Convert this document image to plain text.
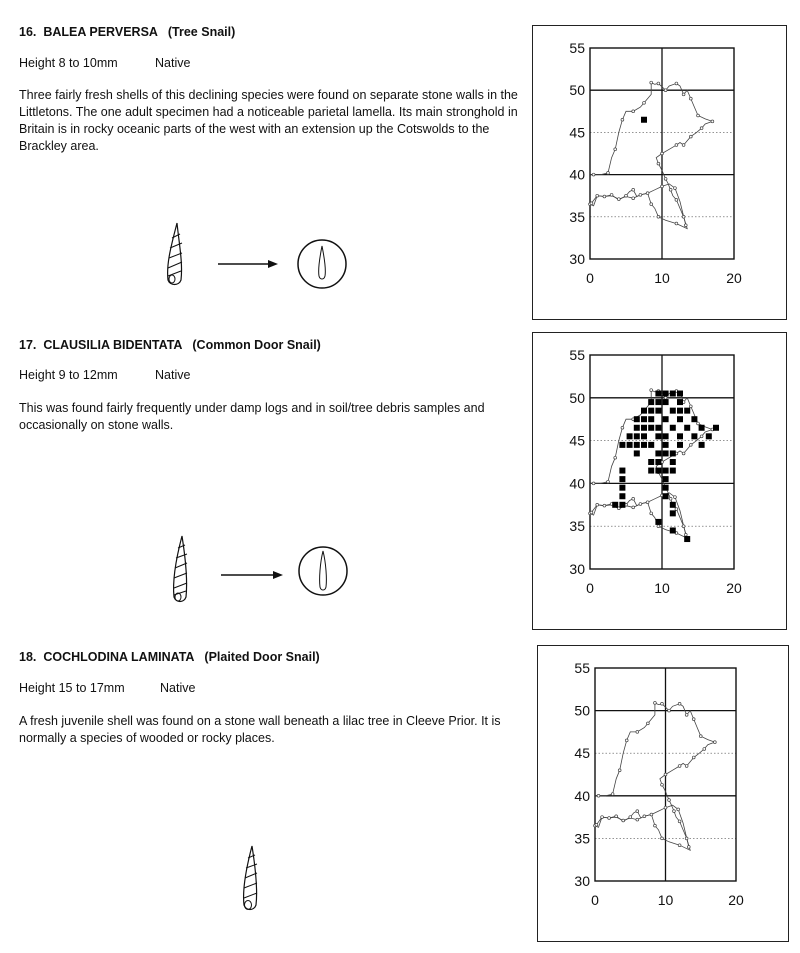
16.  BALEA PERVERSA   (Tree Snail)
Height 8 to 10mm	Native
Three fairly fresh shells of this declining species were found on separate stone walls in the Littletons. The one adult specimen had a noticeable parietal lamella. Its main stronghold in Britain is in rocky oceanic parts of the west with an extension up the Cotswolds to the Brackley area.
55
50
45
40
35
30
0	10	20
17.  CLAUSILIA BIDENTATA   (Common Door Snail)
Height 9 to 12mm	Native
This was found fairly frequently under damp logs and in soil/tree debris samples and occasionally on stone walls.
55
50
45
40
35
30
0	10	20
18.  COCHLODINA LAMINATA   (Plaited Door Snail)
Height 15 to 17mm	Native
A fresh juvenile shell was found on a stone wall beneath a lilac tree in Cleeve Prior. It is normally a species of wooded or rocky places.
55
50
45
40
35
30
0	10	20
